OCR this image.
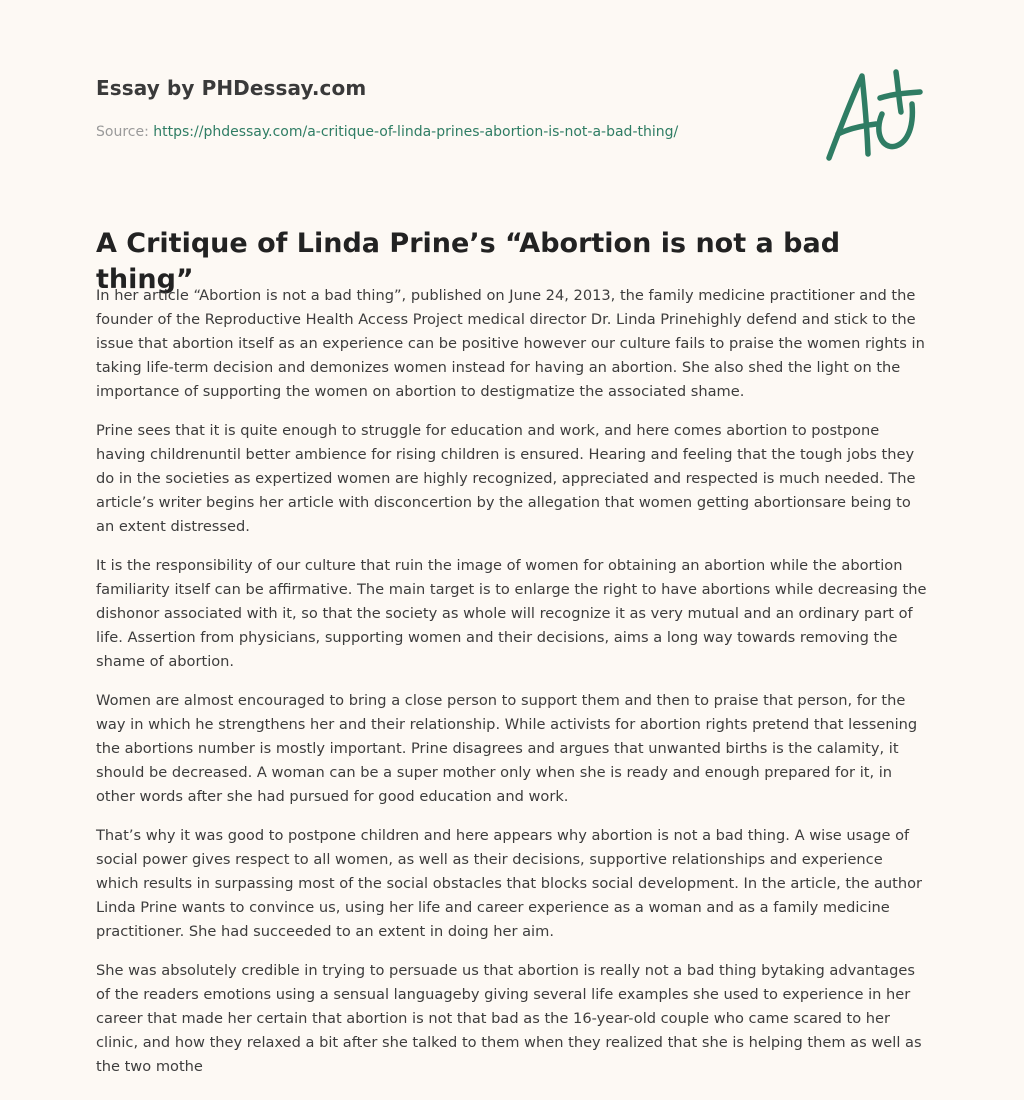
Essay by PHDessay.com

Source: https://phdessay.com/a-critique-of-linda-prines-abortion-is-not-a-bad-thing/

A Critique of Linda Prine’s “Abortion is not a bad thing”

In her article “Abortion is not a bad thing”, published on June 24, 2013, the family medicine practitioner and the founder of the Reproductive Health Access Project medical director Dr. Linda Prinehighly defend and stick to the issue that abortion itself as an experience can be positive however our culture fails to praise the women rights in taking life-term decision and demonizes women instead for having an abortion. She also shed the light on the importance of supporting the women on abortion to destigmatize the associated shame.

Prine sees that it is quite enough to struggle for education and work, and here comes abortion to postpone having childrenuntil better ambience for rising children is ensured. Hearing and feeling that the tough jobs they do in the societies as expertized women are highly recognized, appreciated and respected is much needed. The article’s writer begins her article with disconcertion by the allegation that women getting abortionsare being to an extent distressed.

It is the responsibility of our culture that ruin the image of women for obtaining an abortion while the abortion familiarity itself can be affirmative. The main target is to enlarge the right to have abortions while decreasing the dishonor associated with it, so that the society as whole will recognize it as very mutual and an ordinary part of life. Assertion from physicians, supporting women and their decisions, aims a long way towards removing the shame of abortion.

Women are almost encouraged to bring a close person to support them and then to praise that person, for the way in which he strengthens her and their relationship. While activists for abortion rights pretend that lessening the abortions number is mostly important. Prine disagrees and argues that unwanted births is the calamity, it should be decreased. A woman can be a super mother only when she is ready and enough prepared for it, in other words after she had pursued for good education and work.

That’s why it was good to postpone children and here appears why abortion is not a bad thing. A wise usage of social power gives respect to all women, as well as their decisions, supportive relationships and experience which results in surpassing most of the social obstacles that blocks social development. In the article, the author Linda Prine wants to convince us, using her life and career experience as a woman and as a family medicine practitioner. She had succeeded to an extent in doing her aim.

She was absolutely credible in trying to persuade us that abortion is really not a bad thing bytaking advantages of the readers emotions using a sensual languageby giving several life examples she used to experience in her career that made her certain that abortion is not that bad as the 16-year-old couple who came scared to her clinic, and how they relaxed a bit after she talked to them when they realized that she is helping them as well as the two mothe
